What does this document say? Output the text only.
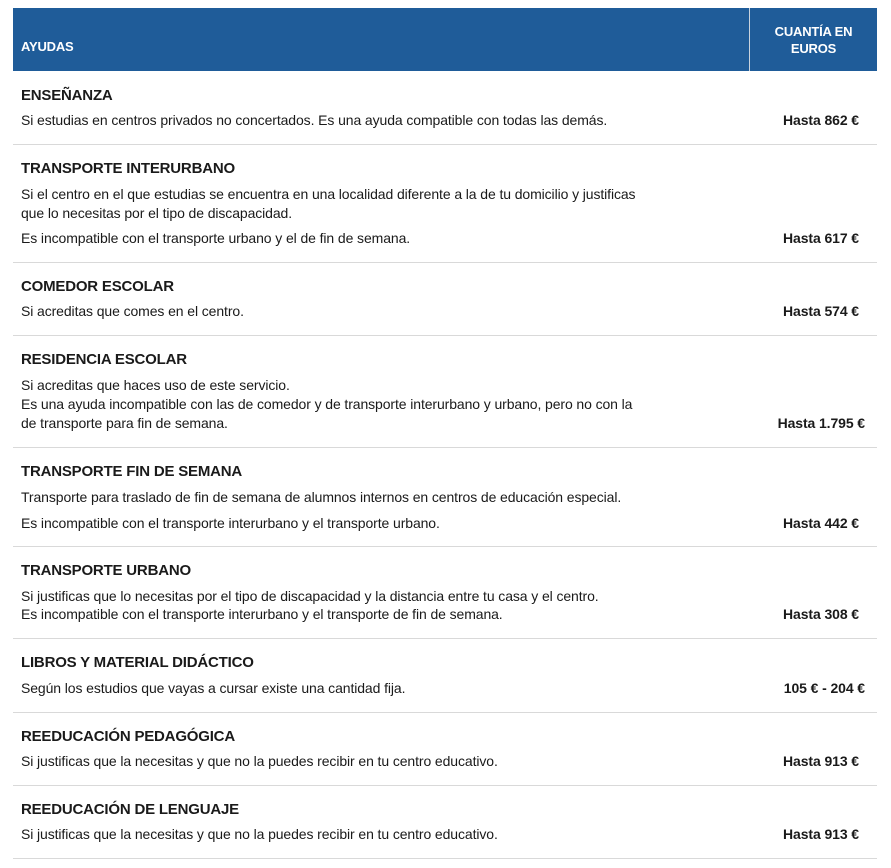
AYUDAS
CUANTÍA EN EUROS
ENSEÑANZA
Si estudias en centros privados no concertados. Es una ayuda compatible con todas las demás.	Hasta 862 €
TRANSPORTE INTERURBANO
Si el centro en el que estudias se encuentra en una localidad diferente a la de tu domicilio y justificas
que lo necesitas por el tipo de discapacidad.
Es incompatible con el transporte urbano y el de fin de semana.	Hasta 617 €
COMEDOR ESCOLAR
Si acreditas que comes en el centro.	Hasta 574 €
RESIDENCIA ESCOLAR
Si acreditas que haces uso de este servicio.
Es una ayuda incompatible con las de comedor y de transporte interurbano y urbano, pero no con la
de transporte para fin de semana.	Hasta 1.795 €
TRANSPORTE FIN DE SEMANA
Transporte para traslado de fin de semana de alumnos internos en centros de educación especial.
Es incompatible con el transporte interurbano y el transporte urbano.	Hasta 442 €
TRANSPORTE URBANO
Si justificas que lo necesitas por el tipo de discapacidad y la distancia entre tu casa y el centro.
Es incompatible con el transporte interurbano y el transporte de fin de semana.	Hasta 308 €
LIBROS Y MATERIAL DIDÁCTICO
Según los estudios que vayas a cursar existe una cantidad fija.	105 € - 204 €
REEDUCACIÓN PEDAGÓGICA
Si justificas que la necesitas y que no la puedes recibir en tu centro educativo.	Hasta 913 €
REEDUCACIÓN DE LENGUAJE
Si justificas que la necesitas y que no la puedes recibir en tu centro educativo.	Hasta 913 €
